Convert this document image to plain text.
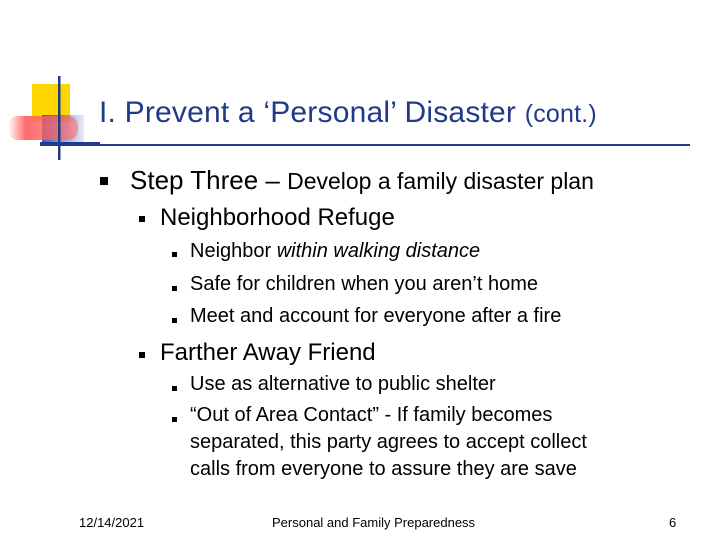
I. Prevent a ‘Personal’ Disaster (cont.)
Step Three – Develop a family disaster plan
Neighborhood Refuge
Neighbor within walking distance
Safe for children when you aren’t home
Meet and account for everyone after a fire
Farther Away Friend
Use as alternative to public shelter
“Out of Area Contact” - If family becomes
separated, this party agrees to accept collect
calls from everyone to assure they are save
12/14/2021	Personal and Family Preparedness	6
